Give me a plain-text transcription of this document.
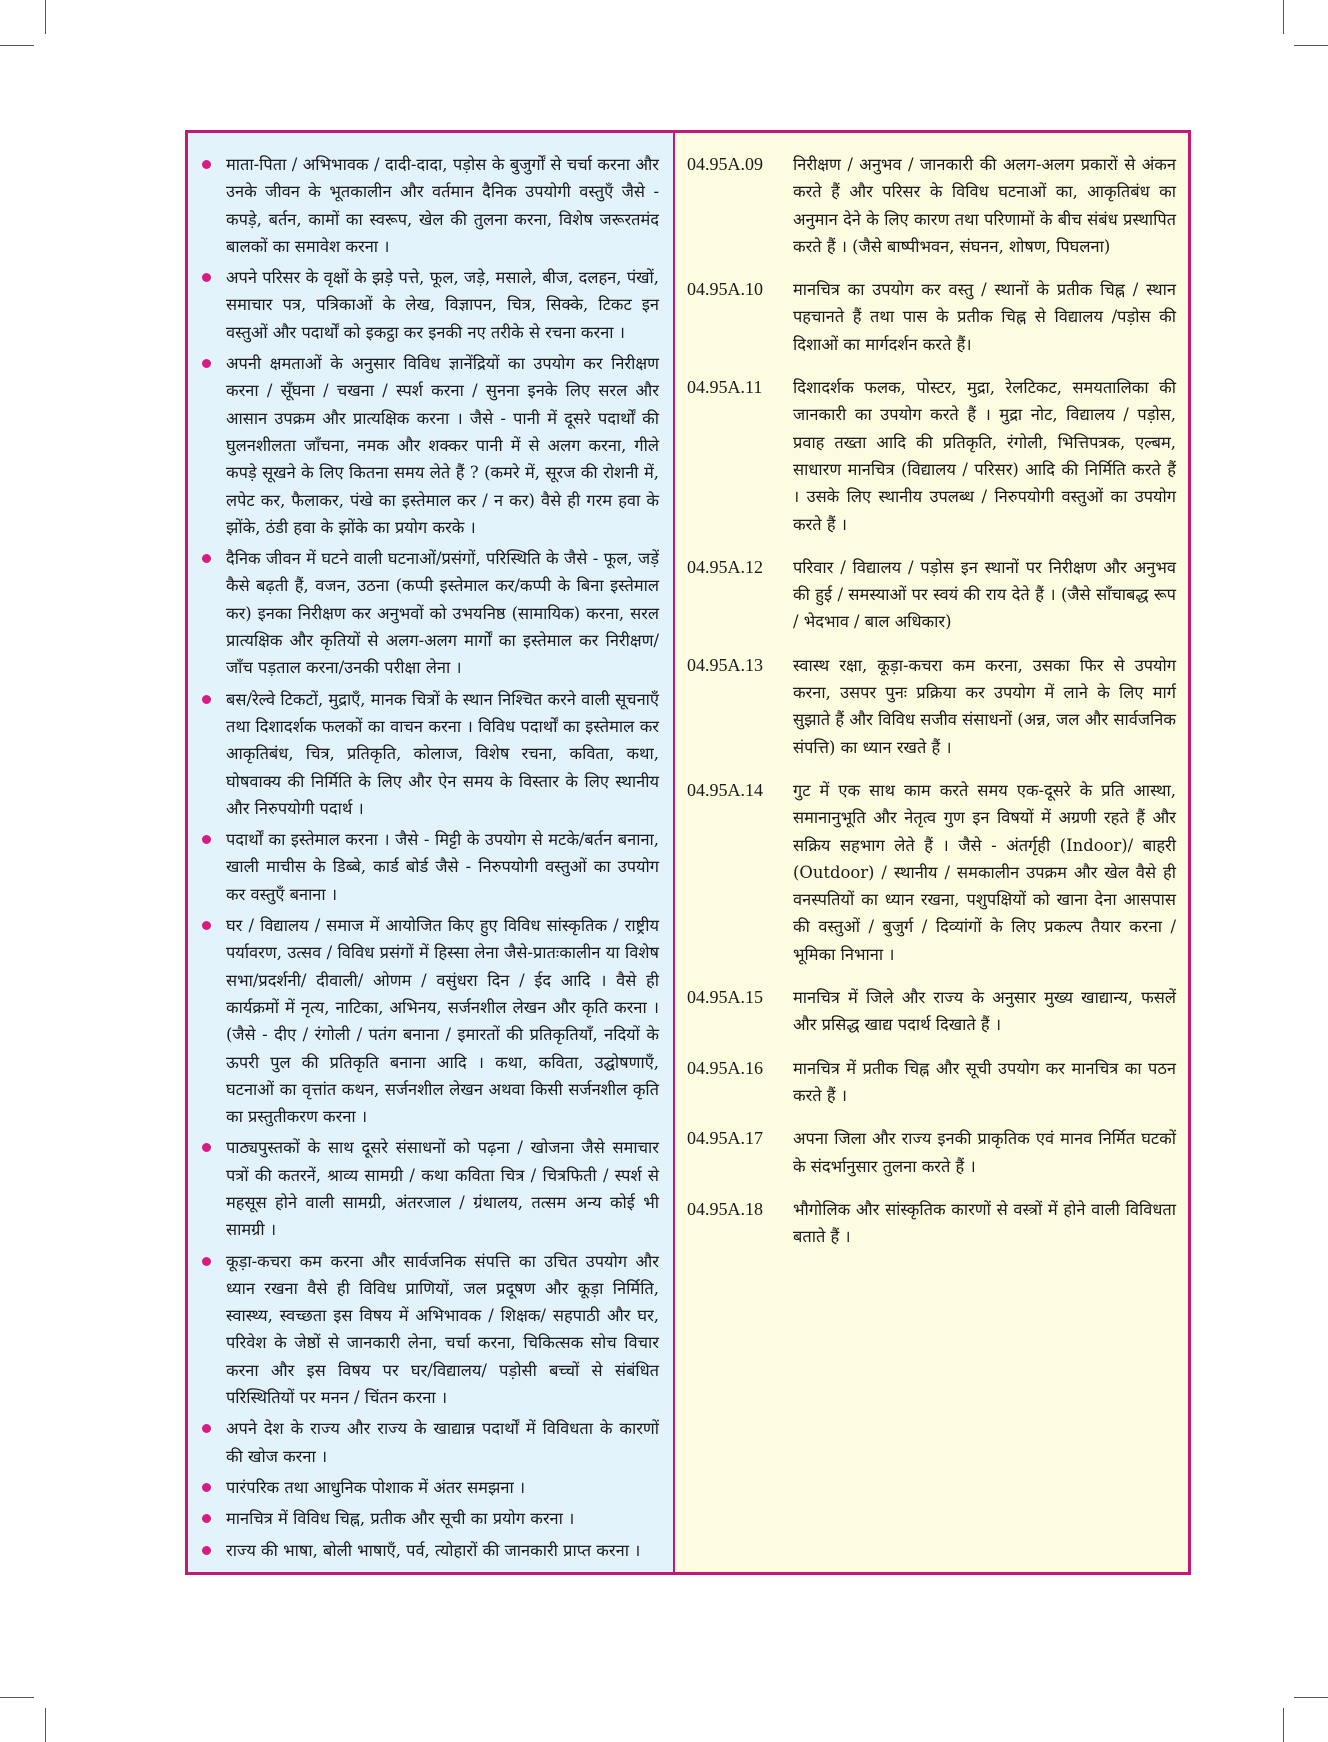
माता-पिता / अभिभावक / दादी-दादा, पड़ोस के बुजुर्गों से चर्चा करना और उनके जीवन के भूतकालीन और वर्तमान दैनिक उपयोगी वस्तुएँ जैसे - कपड़े, बर्तन, कामों का स्वरूप, खेल की तुलना करना, विशेष जरूरतमंद बालकों का समावेश करना ।
अपने परिसर के वृक्षों के झड़े पत्ते, फूल, जड़े, मसाले, बीज, दलहन, पंखों, समाचार पत्र, पत्रिकाओं के लेख, विज्ञापन, चित्र, सिक्के, टिकट इन वस्तुओं और पदार्थों को इकट्ठा कर इनकी नए तरीके से रचना करना ।
अपनी क्षमताओं के अनुसार विविध ज्ञानेंद्रियों का उपयोग कर निरीक्षण करना / सूँघना / चखना / स्पर्श करना / सुनना इनके लिए सरल और आसान उपक्रम और प्रात्यक्षिक करना । जैसे - पानी में दूसरे पदार्थों की घुलनशीलता जाँचना, नमक और शक्कर पानी में से अलग करना, गीले कपड़े सूखने के लिए कितना समय लेते हैं ? (कमरे में, सूरज की रोशनी में, लपेट कर, फैलाकर, पंखे का इस्तेमाल कर / न कर) वैसे ही गरम हवा के झोंके, ठंडी हवा के झोंके का प्रयोग करके ।
दैनिक जीवन में घटने वाली घटनाओं/प्रसंगों, परिस्थिति के जैसे - फूल, जड़ें कैसे बढ़ती हैं, वजन, उठना (कप्पी इस्तेमाल कर/कप्पी के बिना इस्तेमाल कर) इनका निरीक्षण कर अनुभवों को उभयनिष्ठ (सामायिक) करना, सरल प्रात्यक्षिक और कृतियों से अलग-अलग मार्गों का इस्तेमाल कर निरीक्षण/जाँच पड़ताल करना/उनकी परीक्षा लेना ।
बस/रेल्वे टिकटों, मुद्राएँ, मानक चित्रों के स्थान निश्चित करने वाली सूचनाएँ तथा दिशादर्शक फलकों का वाचन करना । विविध पदार्थों का इस्तेमाल कर आकृतिबंध, चित्र, प्रतिकृति, कोलाज, विशेष रचना, कविता, कथा, घोषवाक्य की निर्मिति के लिए और ऐन समय के विस्तार के लिए स्थानीय और निरुपयोगी पदार्थ ।
पदार्थों का इस्तेमाल करना । जैसे - मिट्टी के उपयोग से मटके/बर्तन बनाना, खाली माचीस के डिब्बे, कार्ड बोर्ड जैसे - निरुपयोगी वस्तुओं का उपयोग कर वस्तुएँ बनाना ।
घर / विद्यालय / समाज में आयोजित किए हुए विविध सांस्कृतिक / राष्ट्रीय पर्यावरण, उत्सव / विविध प्रसंगों में हिस्सा लेना जैसे-प्रातःकालीन या विशेष सभा/प्रदर्शनी/ दीवाली/ ओणम / वसुंधरा दिन / ईद आदि । वैसे ही कार्यक्रमों में नृत्य, नाटिका, अभिनय, सर्जनशील लेखन और कृति करना । (जैसे - दीए / रंगोली / पतंग बनाना / इमारतों की प्रतिकृतियाँ, नदियों के ऊपरी पुल की प्रतिकृति बनाना आदि । कथा, कविता, उद्घोषणाएँ, घटनाओं का वृत्तांत कथन, सर्जनशील लेखन अथवा किसी सर्जनशील कृति का प्रस्तुतीकरण करना ।
पाठ्यपुस्तकों के साथ दूसरे संसाधनों को पढ़ना / खोजना जैसे समाचार पत्रों की कतरनें, श्राव्य सामग्री / कथा कविता चित्र / चित्रफिती / स्पर्श से महसूस होने वाली सामग्री, अंतरजाल / ग्रंथालय, तत्सम अन्य कोई भी सामग्री ।
कूड़ा-कचरा कम करना और सार्वजनिक संपत्ति का उचित उपयोग और ध्यान रखना वैसे ही विविध प्राणियों, जल प्रदूषण और कूड़ा निर्मिति, स्वास्थ्य, स्वच्छता इस विषय में अभिभावक / शिक्षक/ सहपाठी और घर, परिवेश के जेष्ठों से जानकारी लेना, चर्चा करना, चिकित्सक सोच विचार करना और इस विषय पर घर/विद्यालय/ पड़ोसी बच्चों से संबंधित परिस्थितियों पर मनन / चिंतन करना ।
अपने देश के राज्य और राज्य के खाद्यान्न पदार्थों में विविधता के कारणों की खोज करना ।
पारंपरिक तथा आधुनिक पोशाक में अंतर समझना ।
मानचित्र में विविध चिह्न, प्रतीक और सूची का प्रयोग करना ।
राज्य की भाषा, बोली भाषाएँ, पर्व, त्योहारों की जानकारी प्राप्त करना ।
04.95A.09	निरीक्षण / अनुभव / जानकारी की अलग-अलग प्रकारों से अंकन करते हैं और परिसर के विविध घटनाओं का, आकृतिबंध का अनुमान देने के लिए कारण तथा परिणामों के बीच संबंध प्रस्थापित करते हैं । (जैसे बाष्पीभवन, संघनन, शोषण, पिघलना)
04.95A.10	मानचित्र का उपयोग कर वस्तु / स्थानों के प्रतीक चिह्न / स्थान पहचानते हैं तथा पास के प्रतीक चिह्न से विद्यालय /पड़ोस की दिशाओं का मार्गदर्शन करते हैं।
04.95A.11	दिशादर्शक फलक, पोस्टर, मुद्रा, रेलटिकट, समयतालिका की जानकारी का उपयोग करते हैं । मुद्रा नोट, विद्यालय / पड़ोस, प्रवाह तख्ता आदि की प्रतिकृति, रंगोली, भित्तिपत्रक, एल्बम, साधारण मानचित्र (विद्यालय / परिसर) आदि की निर्मिति करते हैं । उसके लिए स्थानीय उपलब्ध / निरुपयोगी वस्तुओं का उपयोग करते हैं ।
04.95A.12	परिवार / विद्यालय / पड़ोस इन स्थानों पर निरीक्षण और अनुभव की हुई / समस्याओं पर स्वयं की राय देते हैं । (जैसे साँचाबद्ध रूप / भेदभाव / बाल अधिकार)
04.95A.13	स्वास्थ रक्षा, कूड़ा-कचरा कम करना, उसका फिर से उपयोग करना, उसपर पुनः प्रक्रिया कर उपयोग में लाने के लिए मार्ग सुझाते हैं और विविध सजीव संसाधनों (अन्न, जल और सार्वजनिक संपत्ति) का ध्यान रखते हैं ।
04.95A.14	गुट में एक साथ काम करते समय एक-दूसरे के प्रति आस्था, समानानुभूति और नेतृत्व गुण इन विषयों में अग्रणी रहते हैं और सक्रिय सहभाग लेते हैं । जैसे - अंतर्गृही (Indoor)/ बाहरी (Outdoor) / स्थानीय / समकालीन उपक्रम और खेल वैसे ही वनस्पतियों का ध्यान रखना, पशुपक्षियों को खाना देना आसपास की वस्तुओं / बुजुर्ग / दिव्यांगों के लिए प्रकल्प तैयार करना / भूमिका निभाना ।
04.95A.15	मानचित्र में जिले और राज्य के अनुसार मुख्य खाद्यान्य, फसलें और प्रसिद्ध खाद्य पदार्थ दिखाते हैं ।
04.95A.16	मानचित्र में प्रतीक चिह्न और सूची उपयोग कर मानचित्र का पठन करते हैं ।
04.95A.17	अपना जिला और राज्य इनकी प्राकृतिक एवं मानव निर्मित घटकों के संदर्भानुसार तुलना करते हैं ।
04.95A.18	भौगोलिक और सांस्कृतिक कारणों से वस्त्रों में होने वाली विविधता बताते हैं ।
